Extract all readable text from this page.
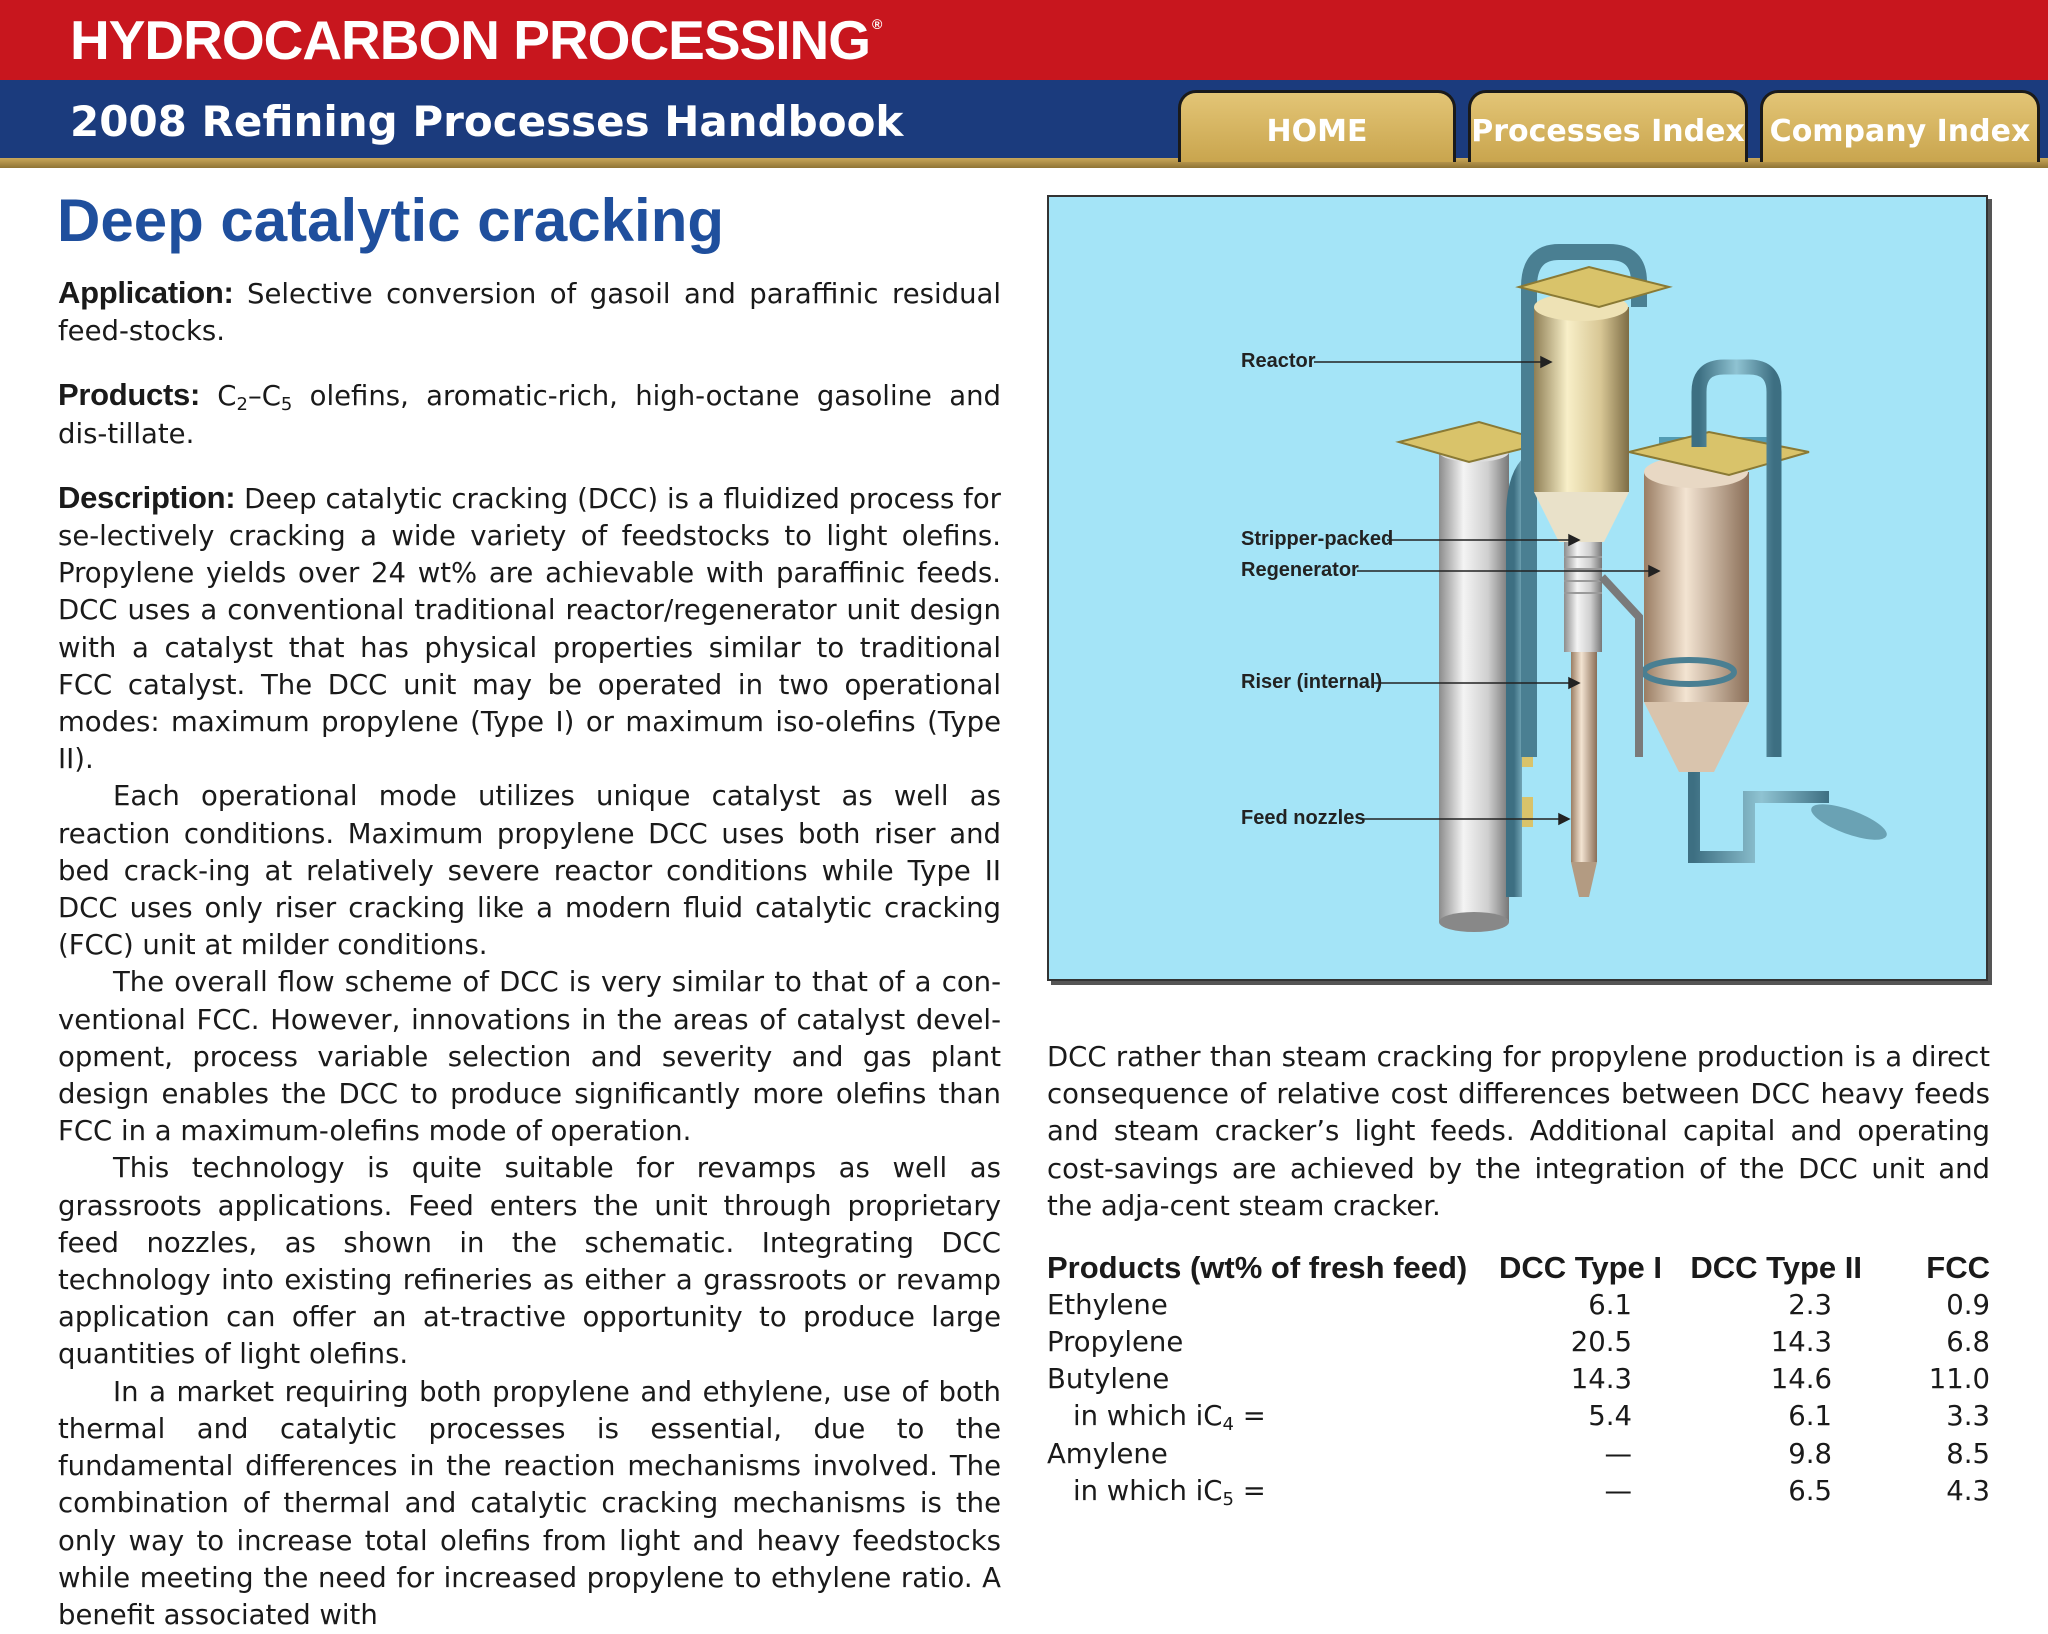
HYDROCARBON PROCESSING ®
2008 Refining Processes Handbook	HOME	Processes Index Company Index
Deep catalytic cracking

Application: Selective conversion of gasoil and paraffinic residual feed-stocks.

Products: $C_2-C_5$ olefins, aromatic-rich, high-octane gasoline and dis-tillate.

Description: Deep catalytic cracking (DCC) is a fluidized process for se-lectively cracking a wide variety of feedstocks to light olefins. Propylene yields over 24 wt% are achievable with paraffinic feeds. DCC uses a conventional traditional reactor/regenerator unit design with a catalyst that has physical properties similar to traditional FCC catalyst. The DCC unit may be operated in two operational modes: maximum propylene (Type I) or maximum iso-olefins (Type II).

Each operational mode utilizes unique catalyst as well as reaction conditions. Maximum propylene DCC uses both riser and bed crack-ing at relatively severe reactor conditions while Type II DCC uses only riser cracking like a modern fluid catalytic cracking (FCC) unit at milder conditions.

The overall flow scheme of DCC is very similar to that of a con-ventional FCC. However, innovations in the areas of catalyst devel-opment, process variable selection and severity and gas plant design enables the DCC to produce significantly more olefins than FCC in a maximum-olefins mode of operation.

This technology is quite suitable for revamps as well as grassroots applications. Feed enters the unit through proprietary feed nozzles, as shown in the schematic. Integrating DCC technology into existing refineries as either a grassroots or revamp application can offer an at-tractive opportunity to produce large quantities of light olefins.

In a market requiring both propylene and ethylene, use of both thermal and catalytic processes is essential, due to the fundamental differences in the reaction mechanisms involved. The combination of thermal and catalytic cracking mechanisms is the only way to increase total olefins from light and heavy feedstocks while meeting the need for increased propylene to ethylene ratio. A benefit associated with

Reactor
Stripper-packed
Regenerator
Riser (internal)
Feed nozzles

DCC rather than steam cracking for propylene production is a direct consequence of relative cost differences between DCC heavy feeds and steam cracker’s light feeds. Additional capital and operating cost-savings are achieved by the integration of the DCC unit and the adja-cent steam cracker.

Products (wt% of fresh feed)	DCC Type I	DCC Type II	FCC
Ethylene	6.1	2.3	0.9
Propylene	20.5	14.3	6.8
Butylene	14.3	14.6	11.0
in which $iC_4$ =	5.4	6.1	3.3
Amylene	—	9.8	8.5
in which $iC_5$ =	—	6.5	4.3
